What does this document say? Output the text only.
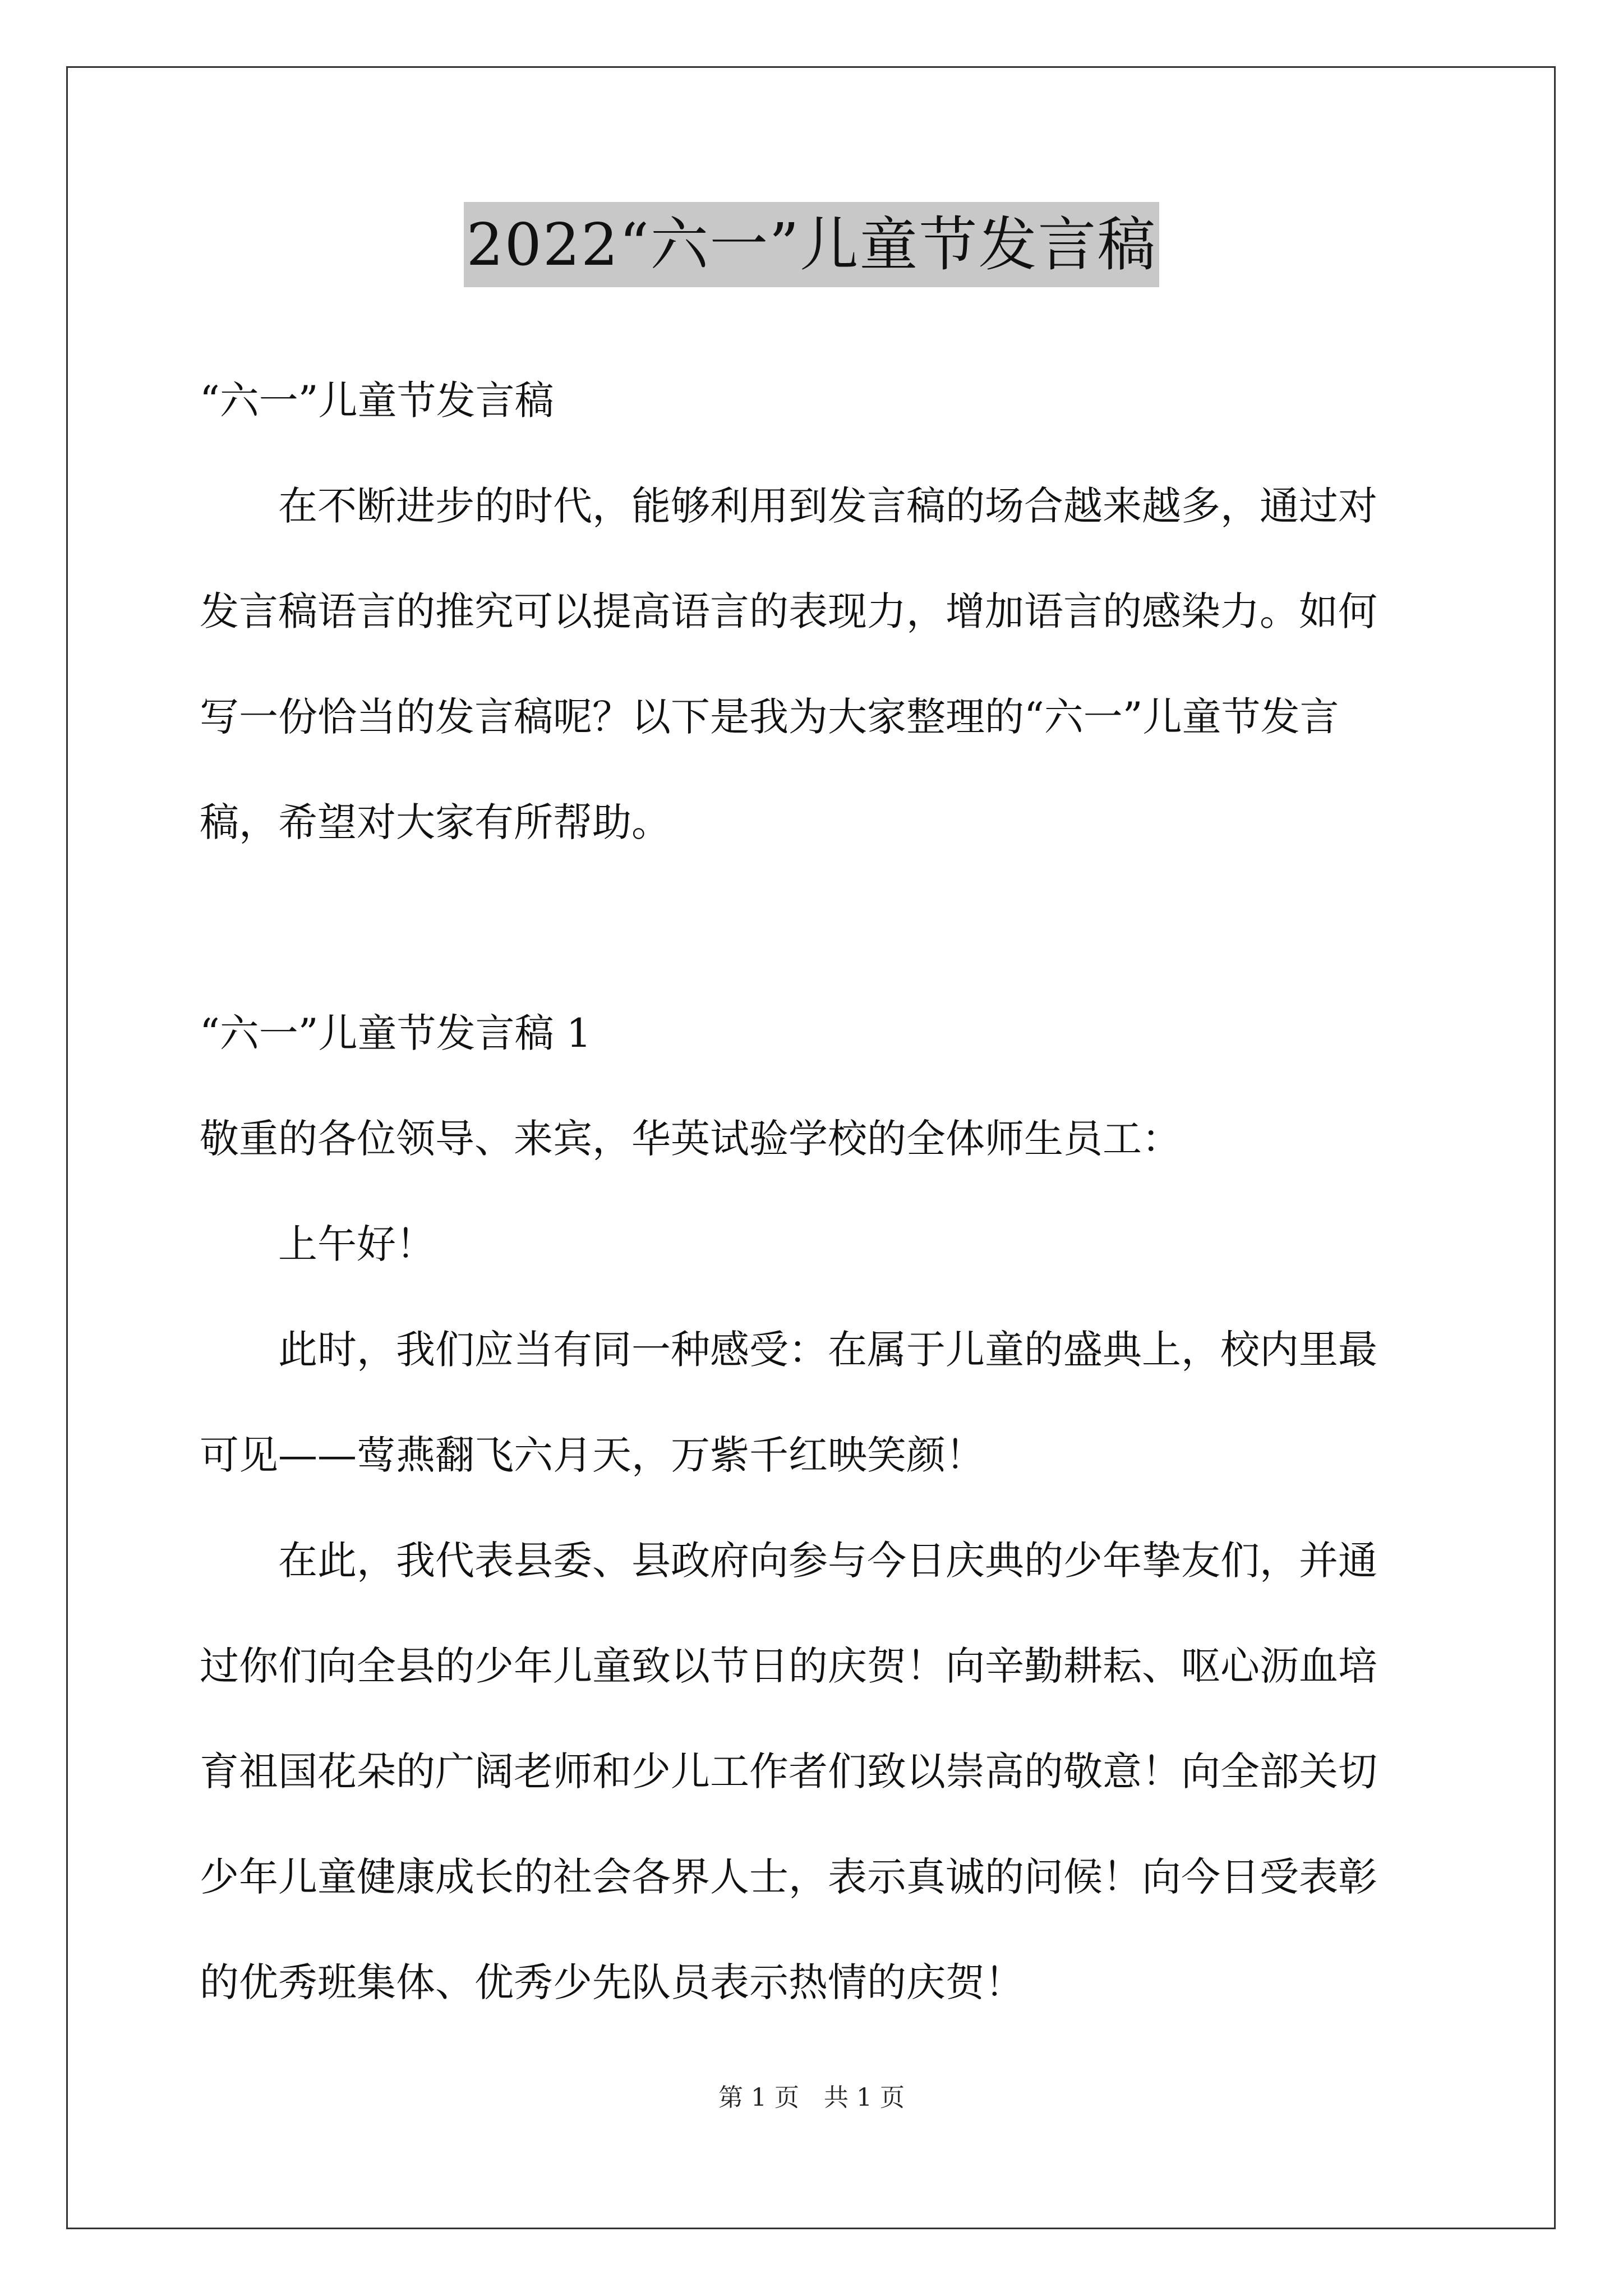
2022“六一”儿童节发言稿
“六一”儿童节发言稿
　　在不断进步的时代，能够利用到发言稿的场合越来越多，通过对
发言稿语言的推究可以提高语言的表现力，增加语言的感染力。如何
写一份恰当的发言稿呢？以下是我为大家整理的“六一”儿童节发言
稿，希望对大家有所帮助。
“六一”儿童节发言稿 1
敬重的各位领导、来宾，华英试验学校的全体师生员工：
　　上午好！
　　此时，我们应当有同一种感受：在属于儿童的盛典上，校内里最
可见——莺燕翻飞六月天，万紫千红映笑颜！
　　在此，我代表县委、县政府向参与今日庆典的少年挚友们，并通
过你们向全县的少年儿童致以节日的庆贺！向辛勤耕耘、呕心沥血培
育祖国花朵的广阔老师和少儿工作者们致以崇高的敬意！向全部关切
少年儿童健康成长的社会各界人士，表示真诚的问候！向今日受表彰
的优秀班集体、优秀少先队员表示热情的庆贺！
第 1 页　共 1 页
